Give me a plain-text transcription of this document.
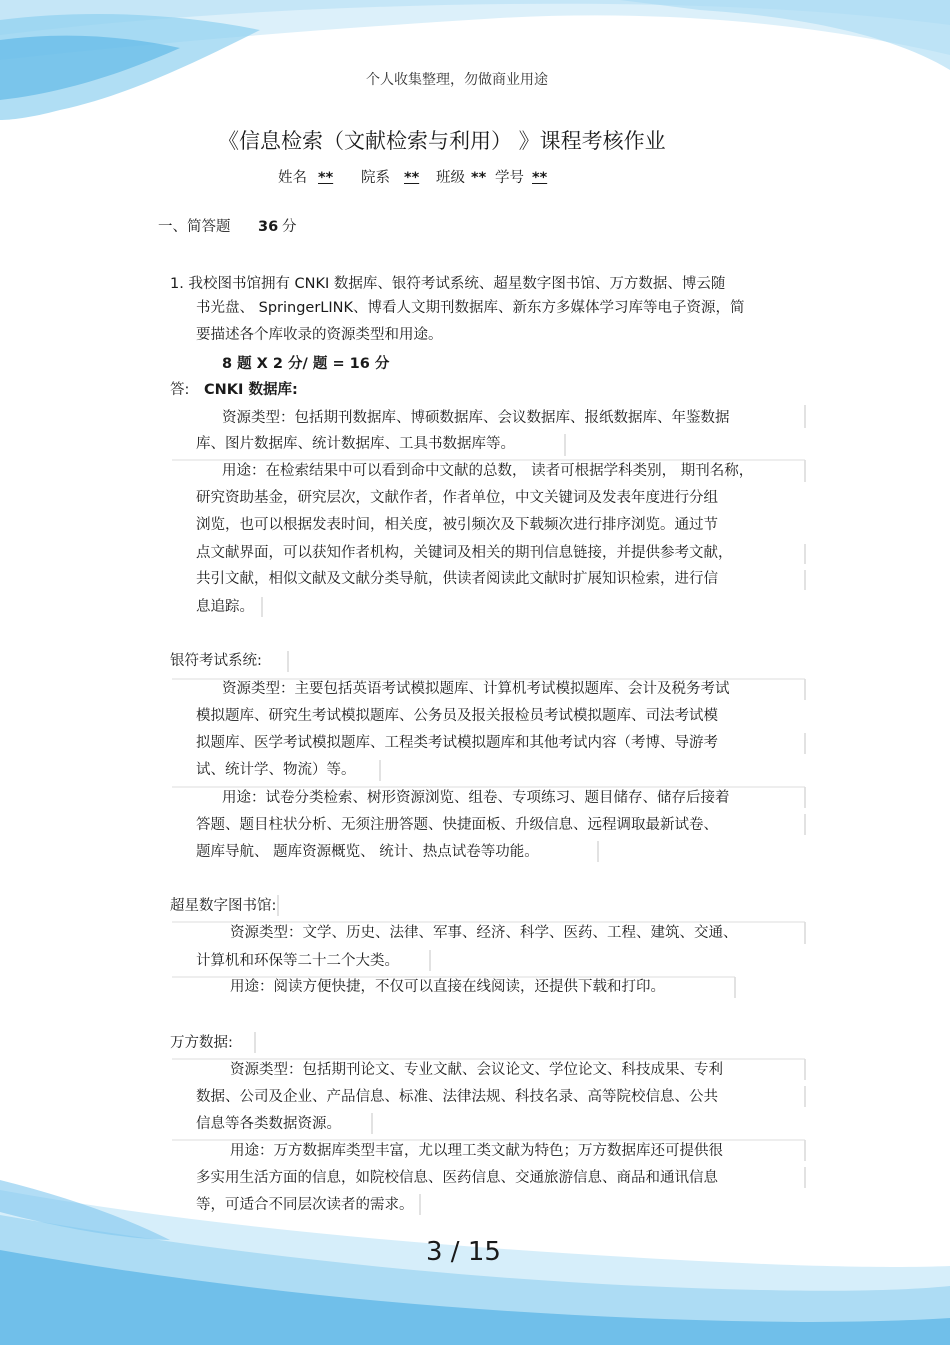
个人收集整理，勿做商业用途
《信息检索（文献检索与利用） 》课程考核作业
姓名 ** 院系 ** 班级 ** 学号 **
一、简答题 36 分
1. 我校图书馆拥有 CNKI 数据库、银符考试系统、超星数字图书馆、万方数据、博云随
书光盘、 SpringerLINK、博看人文期刊数据库、新东方多媒体学习库等电子资源，简
要描述各个库收录的资源类型和用途。
8 题 X 2 分/ 题 = 16 分
答: CNKI 数据库:
资源类型：包括期刊数据库、博硕数据库、会议数据库、报纸数据库、年鉴数据
库、图片数据库、统计数据库、工具书数据库等。
用途：在检索结果中可以看到命中文献的总数， 读者可根据学科类别， 期刊名称，
研究资助基金，研究层次，文献作者，作者单位，中文关键词及发表年度进行分组
浏览，也可以根据发表时间，相关度，被引频次及下载频次进行排序浏览。通过节
点文献界面，可以获知作者机构，关键词及相关的期刊信息链接，并提供参考文献，
共引文献，相似文献及文献分类导航，供读者阅读此文献时扩展知识检索，进行信
息追踪。
银符考试系统:
资源类型：主要包括英语考试模拟题库、计算机考试模拟题库、会计及税务考试
模拟题库、研究生考试模拟题库、公务员及报关报检员考试模拟题库、司法考试模
拟题库、医学考试模拟题库、工程类考试模拟题库和其他考试内容（考博、导游考
试、统计学、物流）等。
用途：试卷分类检索、树形资源浏览、组卷、专项练习、题目储存、储存后接着
答题、题目柱状分析、无须注册答题、快捷面板、升级信息、远程调取最新试卷、
题库导航、 题库资源概览、 统计、热点试卷等功能。
超星数字图书馆:
资源类型：文学、历史、法律、军事、经济、科学、医药、工程、建筑、交通、
计算机和环保等二十二个大类。
用途：阅读方便快捷，不仅可以直接在线阅读，还提供下载和打印。
万方数据:
资源类型：包括期刊论文、专业文献、会议论文、学位论文、科技成果、专利
数据、公司及企业、产品信息、标准、法律法规、科技名录、高等院校信息、公共
信息等各类数据资源。
用途：万方数据库类型丰富，尤以理工类文献为特色；万方数据库还可提供很
多实用生活方面的信息，如院校信息、医药信息、交通旅游信息、商品和通讯信息
等，可适合不同层次读者的需求。
3 / 15
